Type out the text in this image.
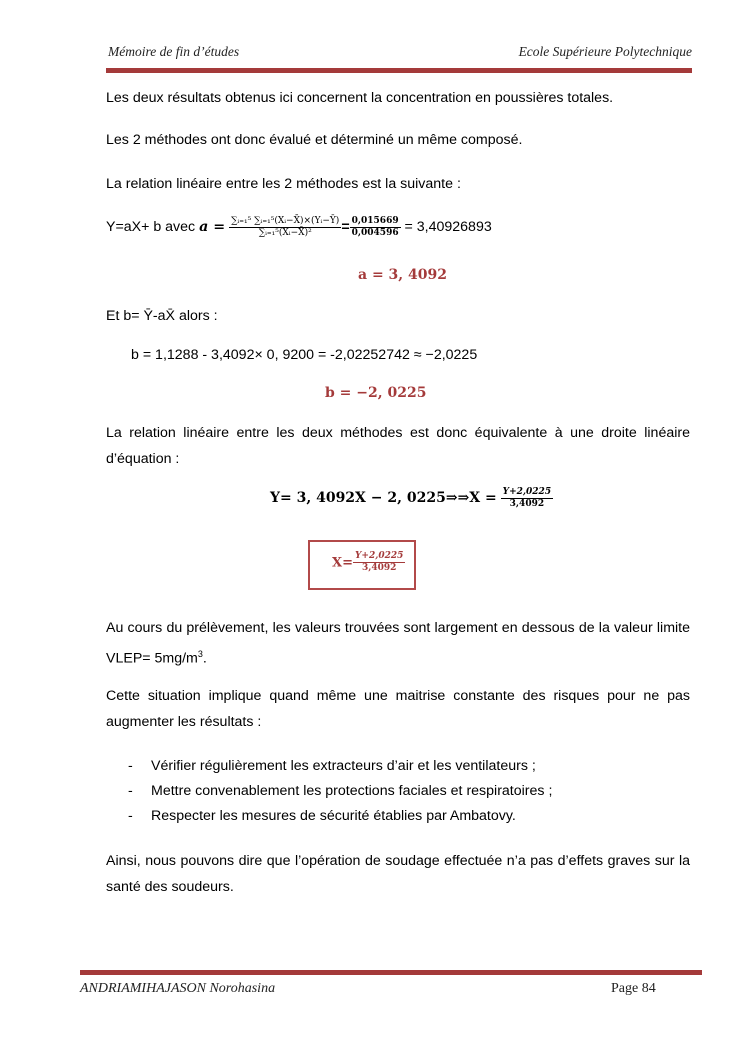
Mémoire de fin d’études	Ecole Supérieure Polytechnique
Les deux résultats obtenus ici concernent la concentration en poussières totales.
Les 2 méthodes ont donc évalué et déterminé un même composé.
La relation linéaire entre les 2 méthodes est la suivante :
Y=aX+ b avec $a = \frac{\text{∑ᵢ₌₁⁵ ∑ᵢ₌₁⁵(Xᵢ−X̄)×(Yᵢ−Ȳ)}}{\text{∑ᵢ₌₁⁵(Xᵢ−X̄)²}} = \frac{0,015669}{0,004596} = 3,40926893$
a = 3, 4092
Et b= Ȳ-aX̄ alors :
b = 1,1288 - 3,4092× 0, 9200 = -2,02252742 ≈ −2,0225
b = −2, 0225
La relation linéaire entre les deux méthodes est donc équivalente à une droite linéaire d’équation :
Y= 3, 4092X − 2, 0225⇒⇒X = $\frac{Y+2,0225}{3,4092}$
$X= \frac{Y+2,0225}{3,4092}$
Au cours du prélèvement, les valeurs trouvées sont largement en dessous de la valeur limite VLEP= $5mg/m^3$.
Cette situation implique quand même une maitrise constante des risques pour ne pas augmenter les résultats :
- Vérifier régulièrement les extracteurs d’air et les ventilateurs ;
- Mettre convenablement les protections faciales et respiratoires ;
- Respecter les mesures de sécurité établies par Ambatovy.
Ainsi, nous pouvons dire que l’opération de soudage effectuée n’a pas d’effets graves sur la santé des soudeurs.
ANDRIAMIHAJASON Norohasina	Page 84
